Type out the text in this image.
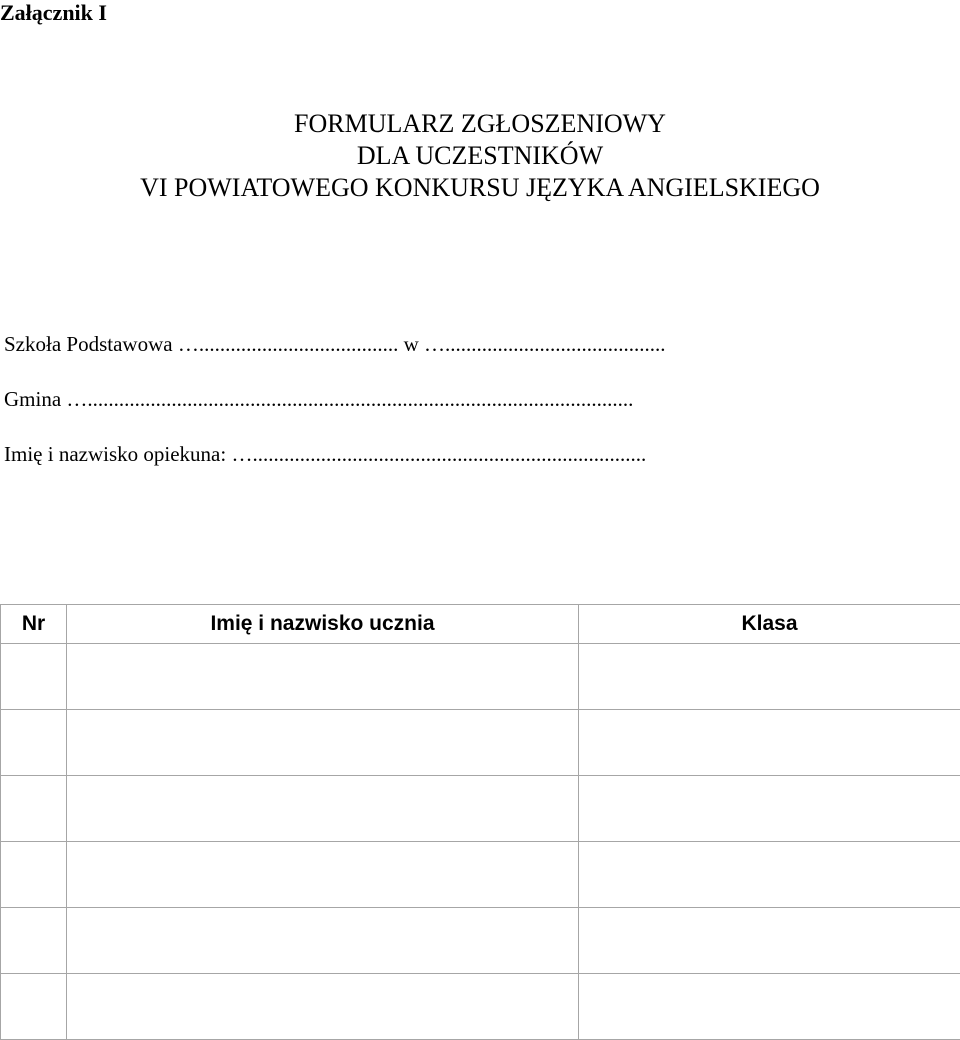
Załącznik I

FORMULARZ ZGŁOSZENIOWY
DLA UCZESTNIKÓW
VI POWIATOWEGO KONKURSU JĘZYKA ANGIELSKIEGO

Szkoła Podstawowa …...................................... w …..........................................

Gmina …........................................................................................................

Imię i nazwisko opiekuna: …...........................................................................

Nr	Imię i nazwisko ucznia	Klasa
